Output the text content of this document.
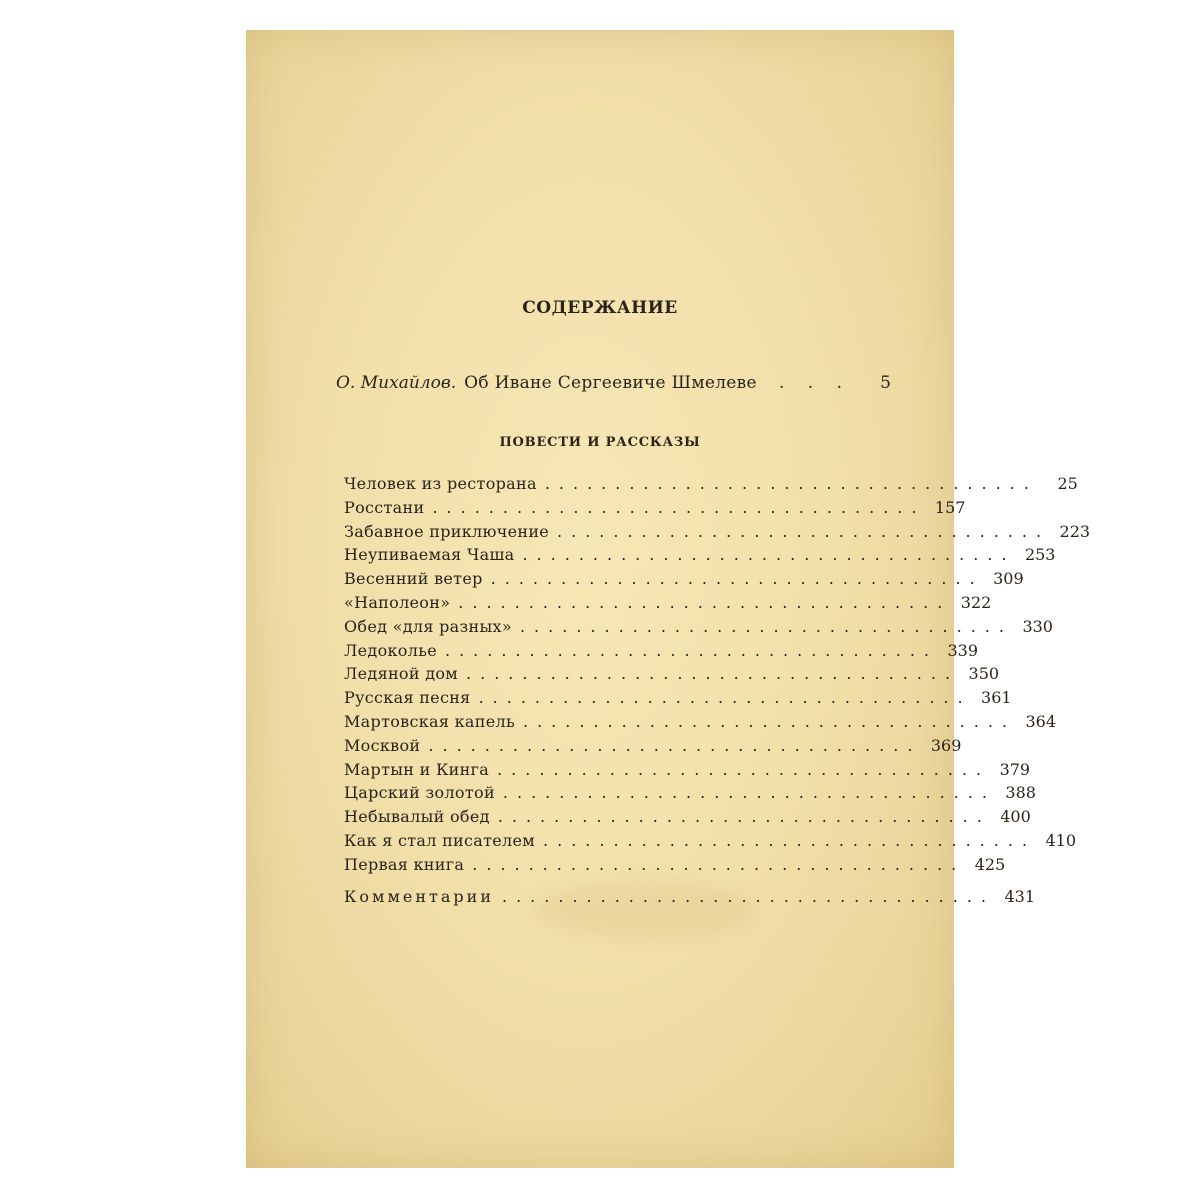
СОДЕРЖАНИЕ
О. Михайлов. Об Иване Сергеевиче Шмелеве	. . .	5
ПОВЕСТИ И РАССКАЗЫ
Человек из ресторана ...................................	25
Росстани ................................... 157
Забавное приключение ................................... 223
Неупиваемая Чаша ................................... 253
Весенний ветер ................................... 309
«Наполеон» ................................... 322
Обед «для разных» ................................... 330
Ледоколье ................................... 339
Ледяной дом ................................... 350
Русская песня ................................... 361
Мартовская капель ................................... 364
Москвой ................................... 369
Мартын и Кинга ................................... 379
Царский золотой ................................... 388
Небывалый обед ................................... 400
Как я стал писателем ................................... 410
Первая книга ................................... 425
Комментарии ................................... 431
